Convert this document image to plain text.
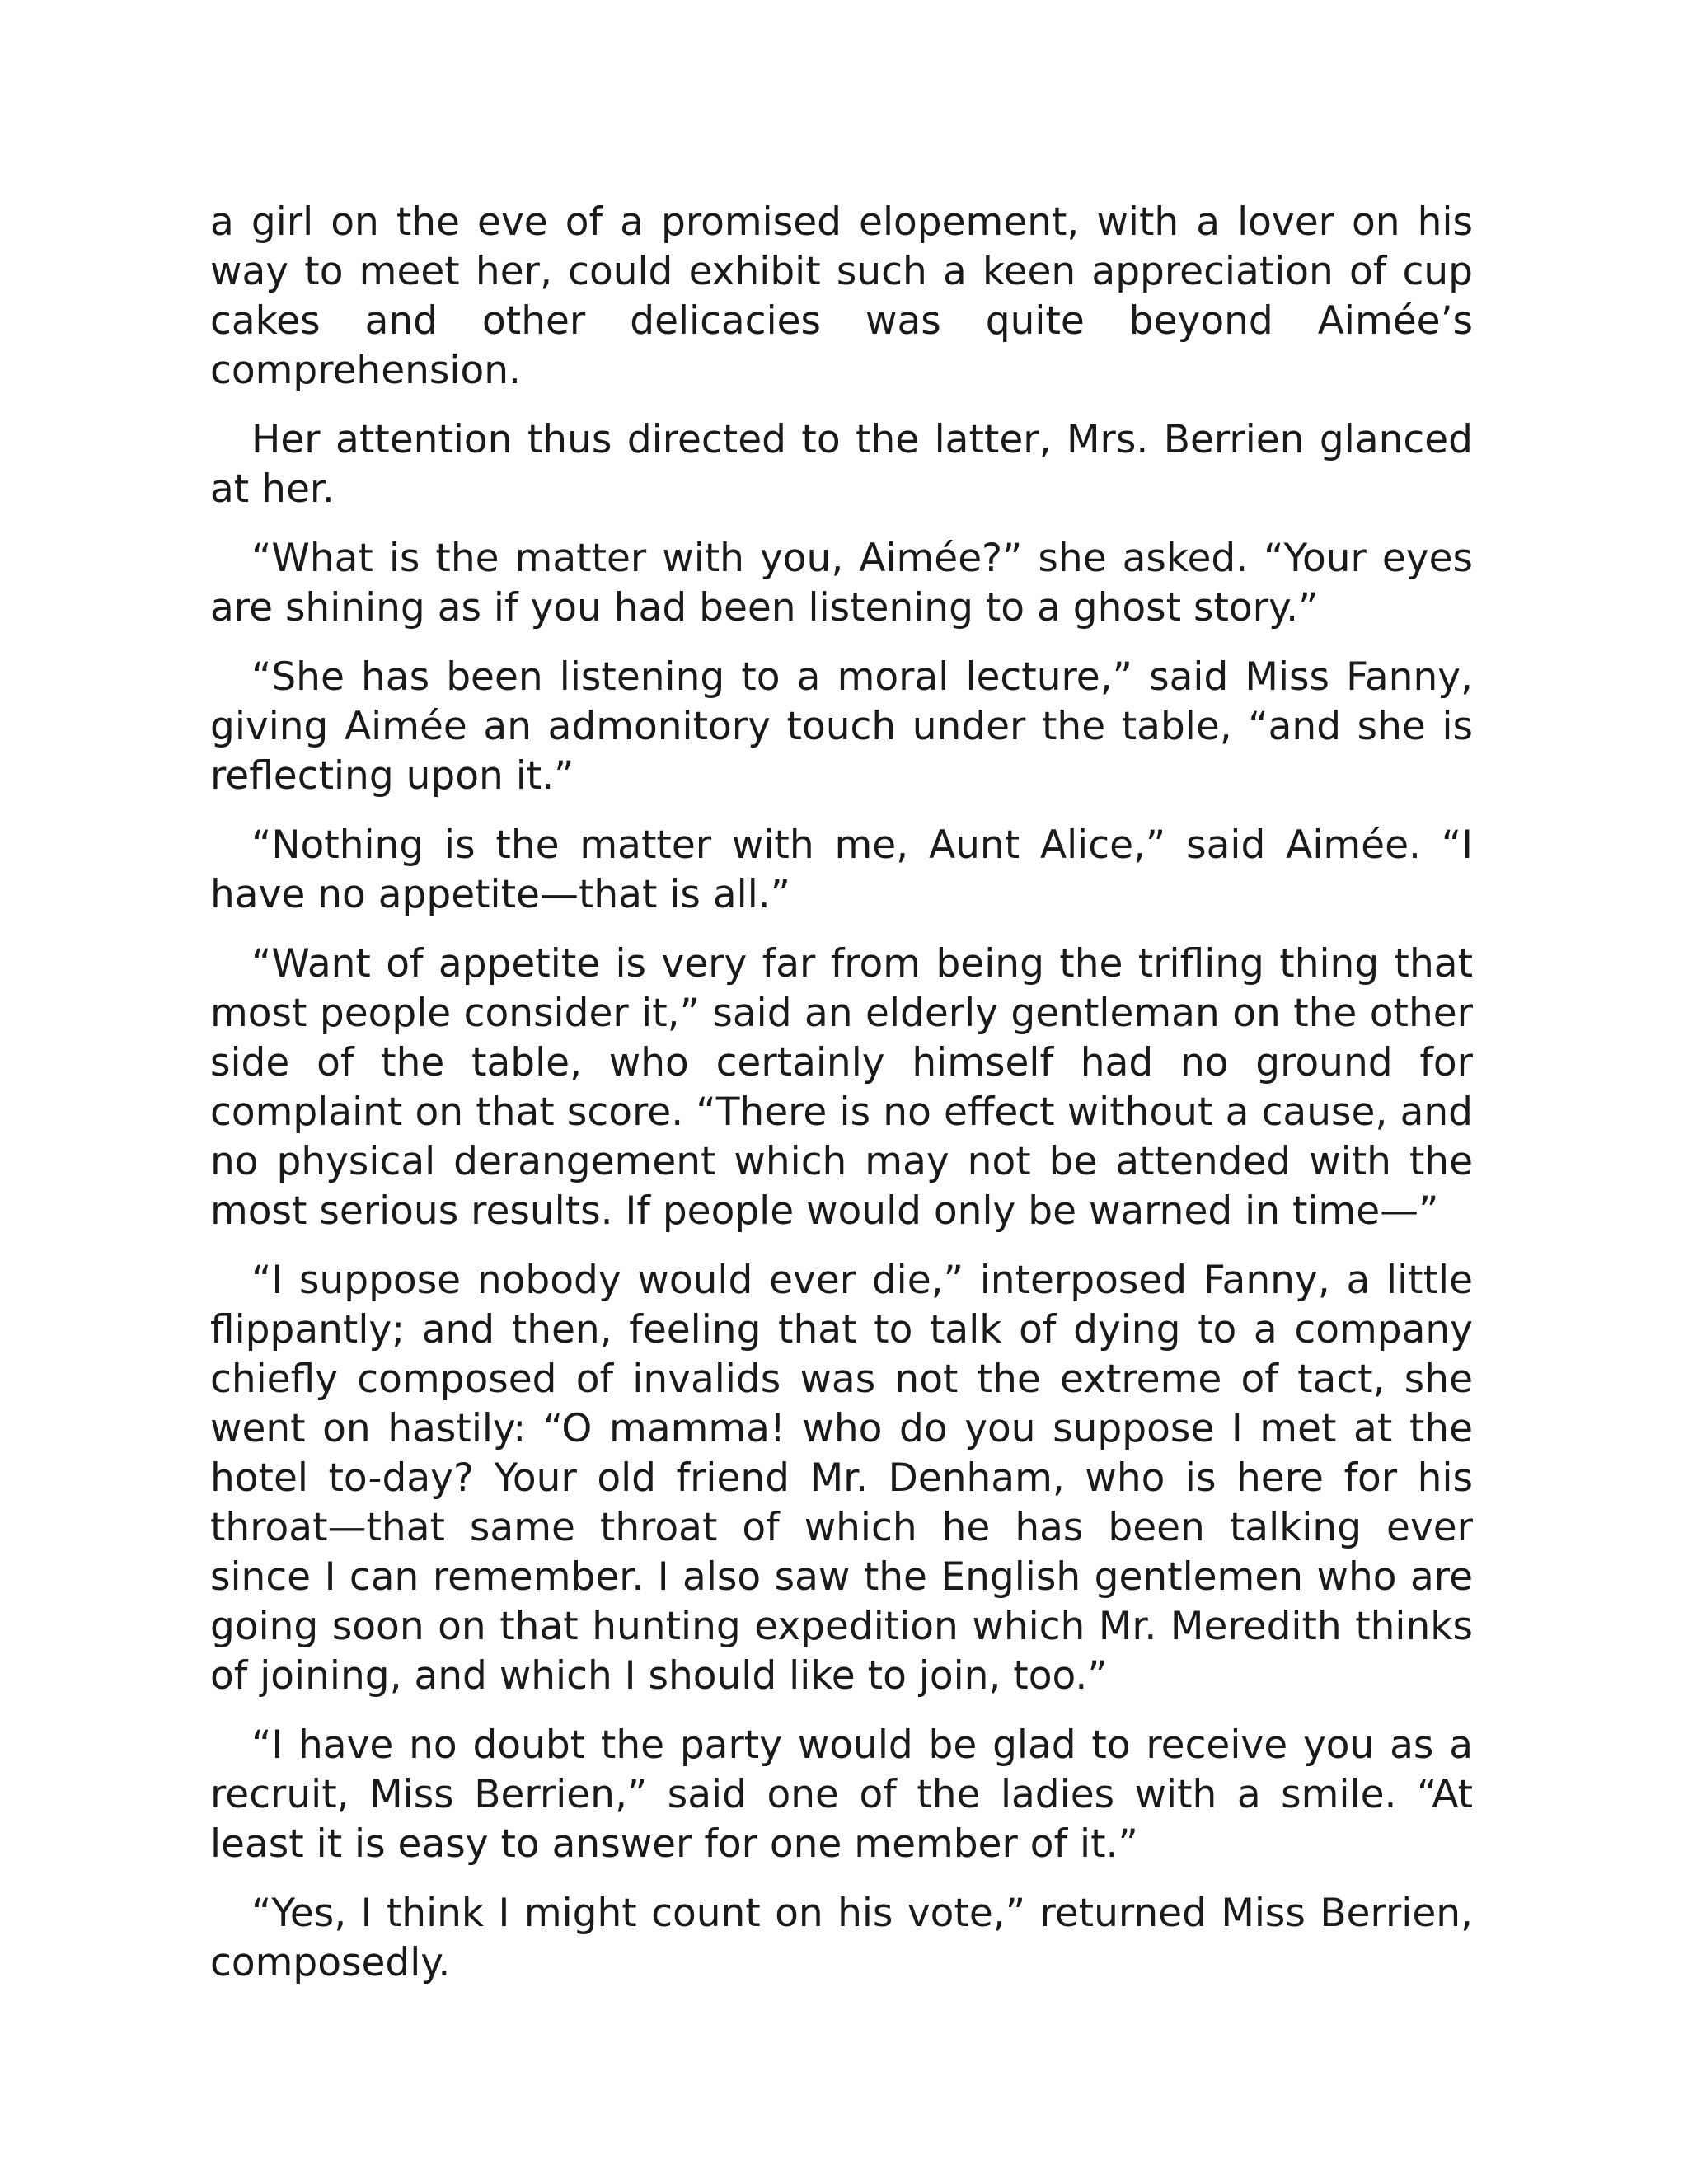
a girl on the eve of a promised elopement, with a lover on his way to meet her, could exhibit such a keen appreciation of cup cakes and other delicacies was quite beyond Aimée’s comprehension.

Her attention thus directed to the latter, Mrs. Berrien glanced at her.

“What is the matter with you, Aimée?” she asked. “Your eyes are shining as if you had been listening to a ghost story.”

“She has been listening to a moral lecture,” said Miss Fanny, giving Aimée an admonitory touch under the table, “and she is reflecting upon it.”

“Nothing is the matter with me, Aunt Alice,” said Aimée. “I have no appetite—that is all.”

“Want of appetite is very far from being the trifling thing that most people consider it,” said an elderly gentleman on the other side of the table, who certainly himself had no ground for complaint on that score. “There is no effect without a cause, and no physical derangement which may not be attended with the most serious results. If people would only be warned in time—”

“I suppose nobody would ever die,” interposed Fanny, a little flippantly; and then, feeling that to talk of dying to a company chiefly composed of invalids was not the extreme of tact, she went on hastily: “O mamma! who do you suppose I met at the hotel to-day? Your old friend Mr. Denham, who is here for his throat—that same throat of which he has been talking ever since I can remember. I also saw the English gentlemen who are going soon on that hunting expedition which Mr. Meredith thinks of joining, and which I should like to join, too.”

“I have no doubt the party would be glad to receive you as a recruit, Miss Berrien,” said one of the ladies with a smile. “At least it is easy to answer for one member of it.”

“Yes, I think I might count on his vote,” returned Miss Berrien, composedly.
